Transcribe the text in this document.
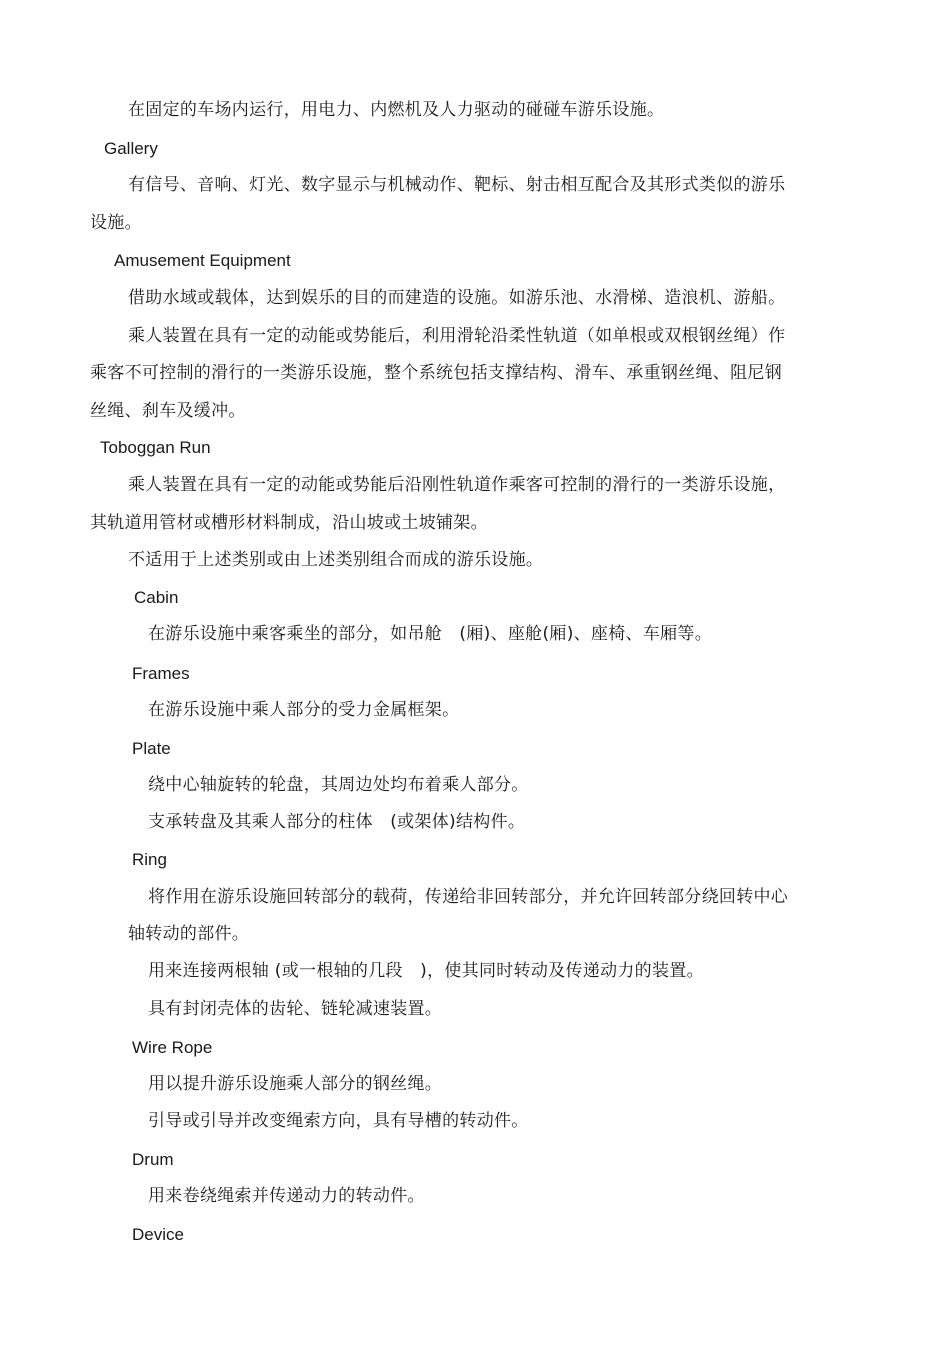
在固定的车场内运行，用电力、内燃机及人力驱动的碰碰车游乐设施。
Gallery
有信号、音响、灯光、数字显示与机械动作、靶标、射击相互配合及其形式类似的游乐
设施。
Amusement Equipment
借助水域或载体，达到娱乐的目的而建造的设施。如游乐池、水滑梯、造浪机、游船。
乘人装置在具有一定的动能或势能后，利用滑轮沿柔性轨道（如单根或双根钢丝绳）作
乘客不可控制的滑行的一类游乐设施，整个系统包括支撑结构、滑车、承重钢丝绳、阻尼钢
丝绳、刹车及缓冲。
Toboggan Run
乘人装置在具有一定的动能或势能后沿刚性轨道作乘客可控制的滑行的一类游乐设施，
其轨道用管材或槽形材料制成，沿山坡或土坡铺架。
不适用于上述类别或由上述类别组合而成的游乐设施。
Cabin
在游乐设施中乘客乘坐的部分，如吊舱　(厢)、座舱(厢)、座椅、车厢等。
Frames
在游乐设施中乘人部分的受力金属框架。
Plate
绕中心轴旋转的轮盘，其周边处均布着乘人部分。
支承转盘及其乘人部分的柱体　(或架体)结构件。
Ring
将作用在游乐设施回转部分的载荷，传递给非回转部分，并允许回转部分绕回转中心
轴转动的部件。
用来连接两根轴 (或一根轴的几段　)，使其同时转动及传递动力的装置。
具有封闭壳体的齿轮、链轮减速装置。
Wire Rope
用以提升游乐设施乘人部分的钢丝绳。
引导或引导并改变绳索方向，具有导槽的转动件。
Drum
用来卷绕绳索并传递动力的转动件。
Device
